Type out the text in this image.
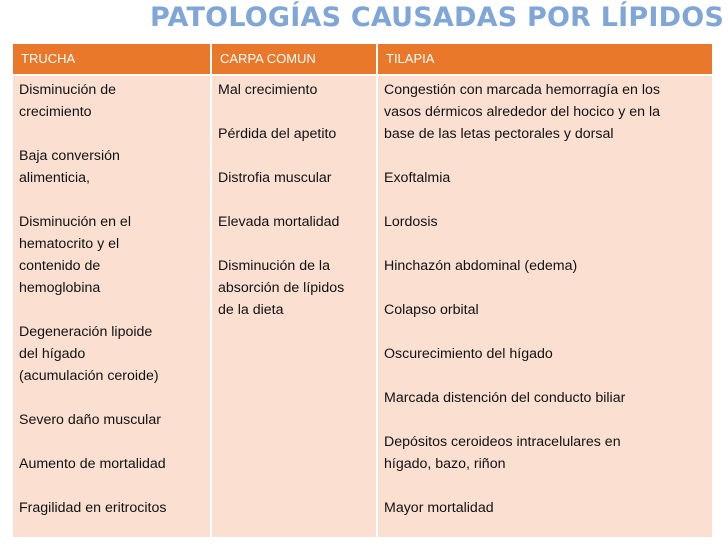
PATOLOGÍAS CAUSADAS POR LÍPIDOS
TRUCHA	CARPA COMUN	TILAPIA
Disminución de
crecimiento

Baja conversión
alimenticia,

Disminución en el
hematocrito y el
contenido de
hemoglobina

Degeneración lipoide
del hígado
(acumulación ceroide)

Severo daño muscular

Aumento de mortalidad

Fragilidad en eritrocitos
Mal crecimiento

Pérdida del apetito

Distrofia muscular

Elevada mortalidad

Disminución de la
absorción de lípidos
de la dieta
Congestión con marcada hemorragía en los
vasos dérmicos alrededor del hocico y en la
base de las letas pectorales y dorsal

Exoftalmia

Lordosis

Hinchazón abdominal (edema)

Colapso orbital

Oscurecimiento del hígado

Marcada distención del conducto biliar

Depósitos ceroideos intracelulares en
hígado, bazo, riñon

Mayor mortalidad
